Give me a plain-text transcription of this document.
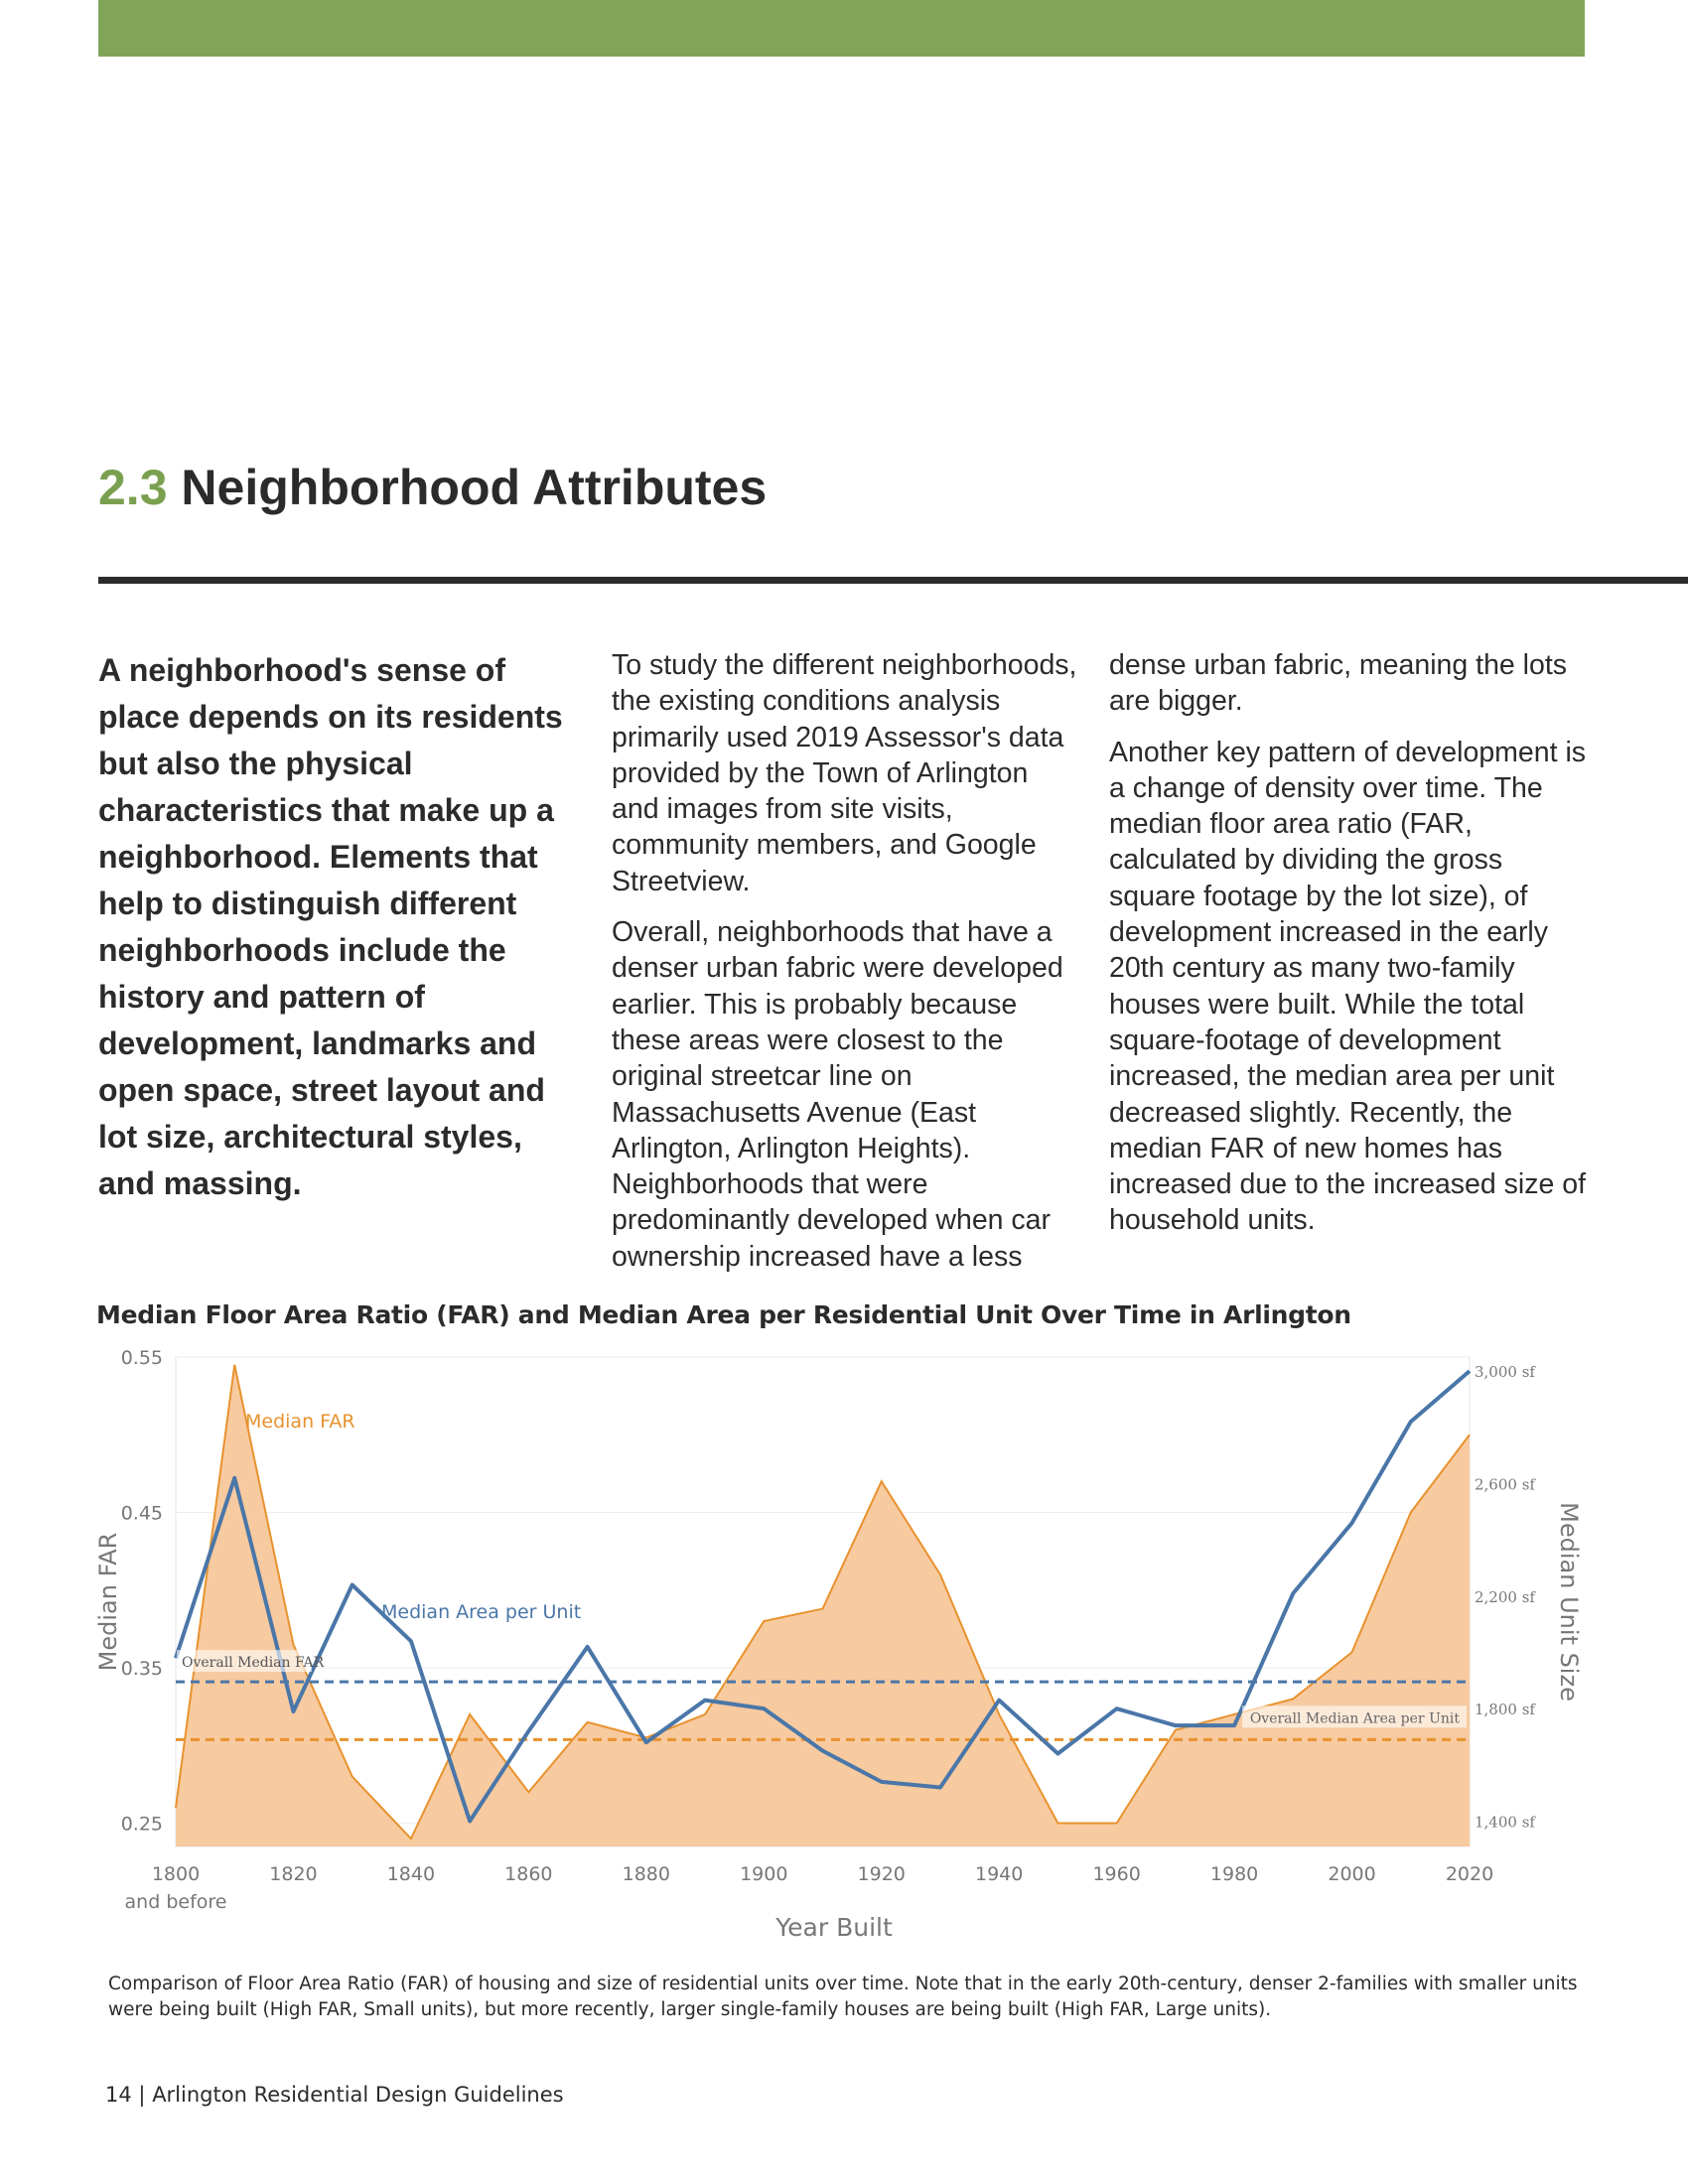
2.3 Neighborhood Attributes

A neighborhood's sense of place depends on its residents but also the physical characteristics that make up a neighborhood. Elements that help to distinguish different neighborhoods include the history and pattern of development, landmarks and open space, street layout and lot size, architectural styles, and massing.

To study the different neighborhoods, the existing conditions analysis primarily used 2019 Assessor's data provided by the Town of Arlington and images from site visits, community members, and Google Streetview.

Overall, neighborhoods that have a denser urban fabric were developed earlier. This is probably because these areas were closest to the original streetcar line on Massachusetts Avenue (East Arlington, Arlington Heights). Neighborhoods that were predominantly developed when car ownership increased have a less

dense urban fabric, meaning the lots are bigger.

Another key pattern of development is a change of density over time. The median floor area ratio (FAR, calculated by dividing the gross square footage by the lot size), of development increased in the early 20th century as many two-family houses were built. While the total square-footage of development increased, the median area per unit decreased slightly. Recently, the median FAR of new homes has increased due to the increased size of household units.

Median Floor Area Ratio (FAR) and Median Area per Residential Unit Over Time in Arlington

0.25
0.35
0.45
0.55
1,400 sf
1,800 sf
2,200 sf
2,600 sf
3,000 sf
1800	1820	1840	1860	1880	1900	1920	1940	1960	1980	2000	2020
and before
Year Built
Median FAR	Median Unit Size
Median FAR
Median Area per Unit
Overall Median FAR
Overall Median Area per Unit

Comparison of Floor Area Ratio (FAR) of housing and size of residential units over time. Note that in the early 20th-century, denser 2-families with smaller units were being built (High FAR, Small units), but more recently, larger single-family houses are being built (High FAR, Large units).

14 | Arlington Residential Design Guidelines
